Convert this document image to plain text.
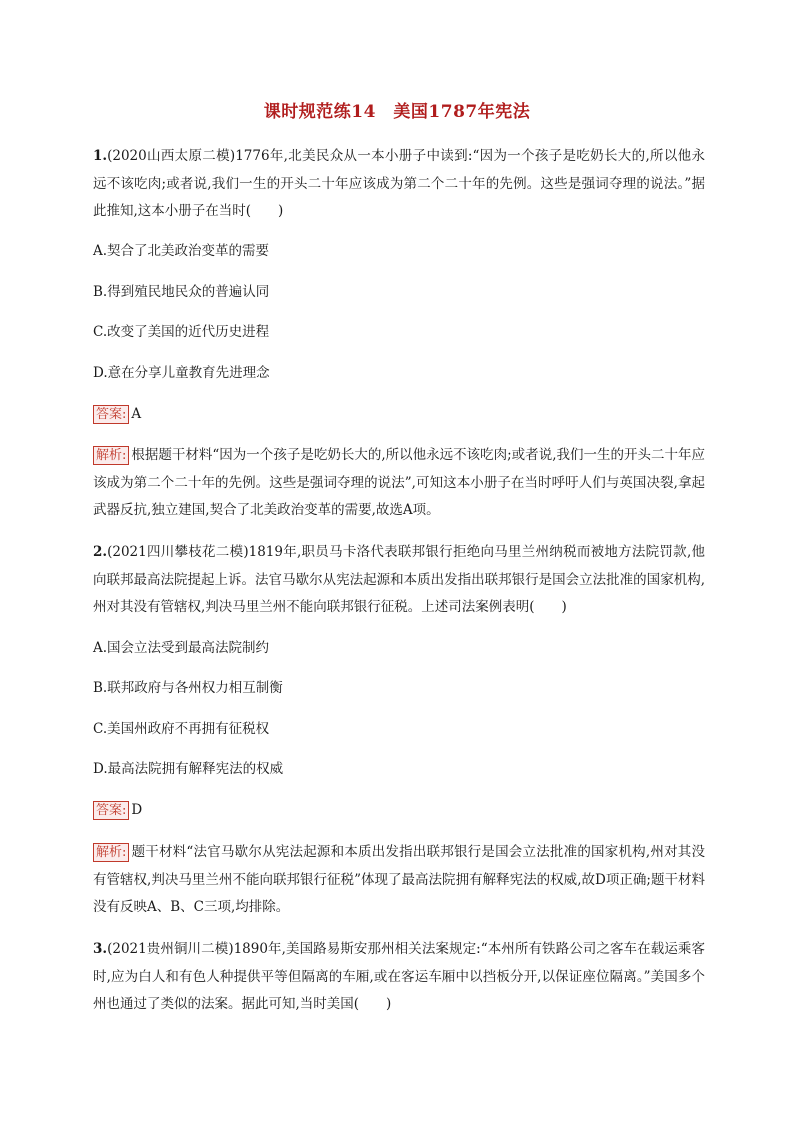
课时规范练14　美国1787年宪法
1.(2020山西太原二模)1776年,北美民众从一本小册子中读到:“因为一个孩子是吃奶长大的,所以他永远不该吃肉;或者说,我们一生的开头二十年应该成为第二个二十年的先例。这些是强词夺理的说法。”据此推知,这本小册子在当时(　　)
A.契合了北美政治变革的需要
B.得到殖民地民众的普遍认同
C.改变了美国的近代历史进程
D.意在分享儿童教育先进理念
答案: A
解析: 根据题干材料“因为一个孩子是吃奶长大的,所以他永远不该吃肉;或者说,我们一生的开头二十年应该成为第二个二十年的先例。这些是强词夺理的说法”,可知这本小册子在当时呼吁人们与英国决裂,拿起武器反抗,独立建国,契合了北美政治变革的需要,故选A项。
2.(2021四川攀枝花二模)1819年,职员马卡洛代表联邦银行拒绝向马里兰州纳税而被地方法院罚款,他向联邦最高法院提起上诉。法官马歇尔从宪法起源和本质出发指出联邦银行是国会立法批准的国家机构,州对其没有管辖权,判决马里兰州不能向联邦银行征税。上述司法案例表明(　　)
A.国会立法受到最高法院制约
B.联邦政府与各州权力相互制衡
C.美国州政府不再拥有征税权
D.最高法院拥有解释宪法的权威
答案: D
解析: 题干材料“法官马歇尔从宪法起源和本质出发指出联邦银行是国会立法批准的国家机构,州对其没有管辖权,判决马里兰州不能向联邦银行征税”体现了最高法院拥有解释宪法的权威,故D项正确;题干材料没有反映A、B、C三项,均排除。
3.(2021贵州铜川二模)1890年,美国路易斯安那州相关法案规定:“本州所有铁路公司之客车在载运乘客时,应为白人和有色人种提供平等但隔离的车厢,或在客运车厢中以挡板分开,以保证座位隔离。”美国多个州也通过了类似的法案。据此可知,当时美国(　　)
